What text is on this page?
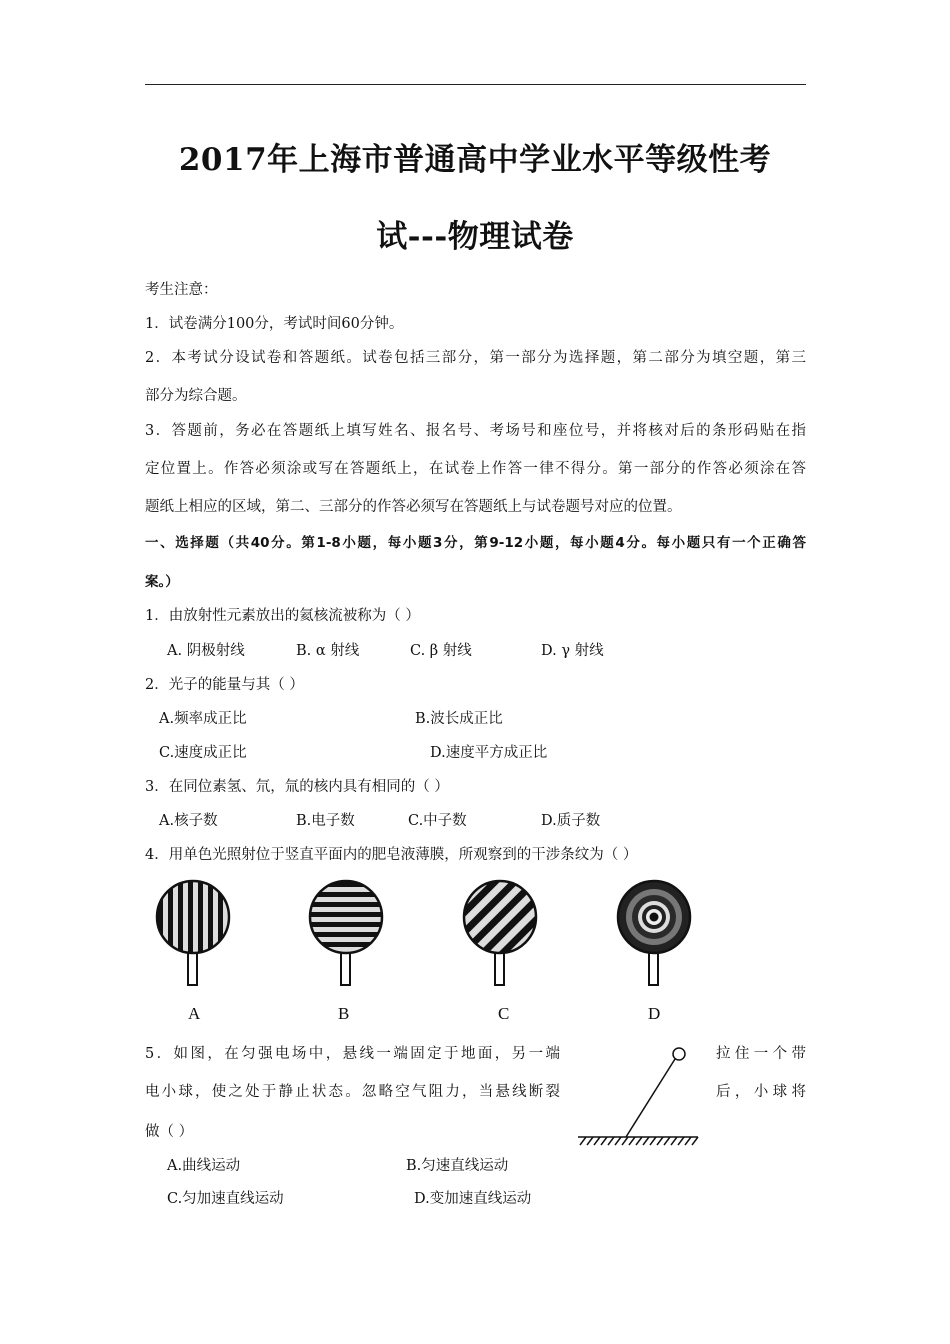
2017年上海市普通高中学业水平等级性考
试---物理试卷
考生注意：
1．试卷满分100分，考试时间60分钟。
2．本考试分设试卷和答题纸。试卷包括三部分，第一部分为选择题，第二部分为填空题，第三
部分为综合题。
3．答题前，务必在答题纸上填写姓名、报名号、考场号和座位号，并将核对后的条形码贴在指
定位置上。作答必须涂或写在答题纸上，在试卷上作答一律不得分。第一部分的作答必须涂在答
题纸上相应的区域，第二、三部分的作答必须写在答题纸上与试卷题号对应的位置。
一、选择题（共40分。第1-8小题，每小题3分，第9-12小题，每小题4分。每小题只有一个正确答
案。）
1．由放射性元素放出的氦核流被称为（ ）
A. 阴极射线	B. α 射线	C. β 射线	D. γ 射线
2．光子的能量与其（ ）
A.频率成正比	B.波长成正比
C.速度成正比	D.速度平方成正比
3．在同位素氢、氘，氚的核内具有相同的（ ）
A.核子数	B.电子数	C.中子数	D.质子数
4．用单色光照射位于竖直平面内的肥皂液薄膜，所观察到的干涉条纹为（ ）
A	B	C	D
5．如图，在匀强电场中，悬线一端固定于地面，另一端	拉住一个带
电小球，使之处于静止状态。忽略空气阻力，当悬线断裂	后，小球将
做（ ）
A.曲线运动	B.匀速直线运动
C.匀加速直线运动	D.变加速直线运动
